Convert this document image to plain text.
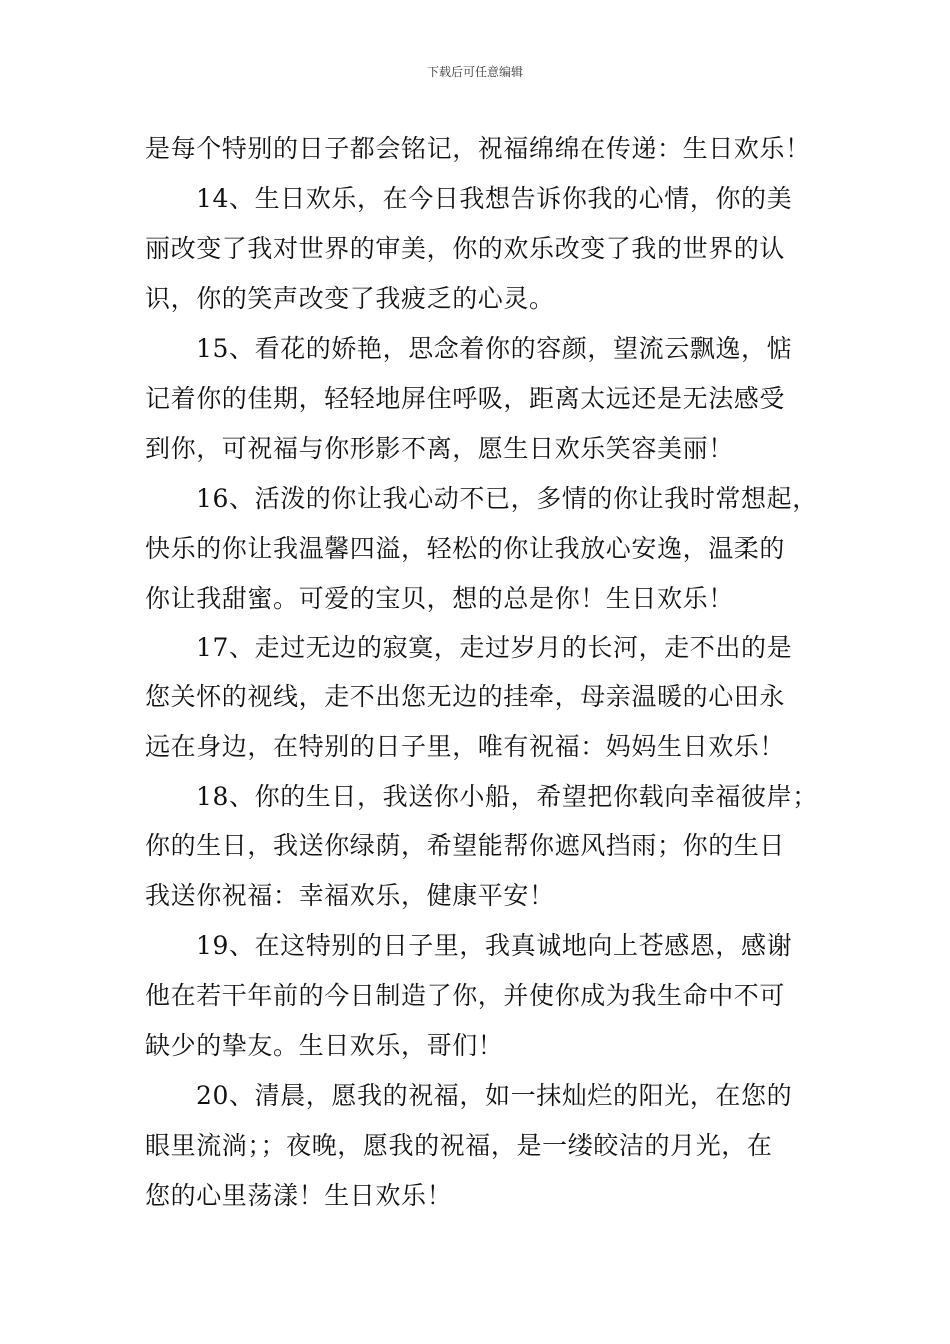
下载后可任意编辑
是每个特别的日子都会铭记，祝福绵绵在传递：生日欢乐！
14、生日欢乐，在今日我想告诉你我的心情，你的美
丽改变了我对世界的审美，你的欢乐改变了我的世界的认
识，你的笑声改变了我疲乏的心灵。
15、看花的娇艳，思念着你的容颜，望流云飘逸，惦
记着你的佳期，轻轻地屏住呼吸，距离太远还是无法感受
到你，可祝福与你形影不离，愿生日欢乐笑容美丽！
16、活泼的你让我心动不已，多情的你让我时常想起，
快乐的你让我温馨四溢，轻松的你让我放心安逸，温柔的
你让我甜蜜。可爱的宝贝，想的总是你！生日欢乐！
17、走过无边的寂寞，走过岁月的长河，走不出的是
您关怀的视线，走不出您无边的挂牵，母亲温暖的心田永
远在身边，在特别的日子里，唯有祝福：妈妈生日欢乐！
18、你的生日，我送你小船，希望把你载向幸福彼岸；
你的生日，我送你绿荫，希望能帮你遮风挡雨；你的生日
我送你祝福：幸福欢乐，健康平安！
19、在这特别的日子里，我真诚地向上苍感恩，感谢
他在若干年前的今日制造了你，并使你成为我生命中不可
缺少的挚友。生日欢乐，哥们！
20、清晨，愿我的祝福，如一抹灿烂的阳光，在您的
眼里流淌；；夜晚，愿我的祝福，是一缕皎洁的月光，在
您的心里荡漾！生日欢乐！
